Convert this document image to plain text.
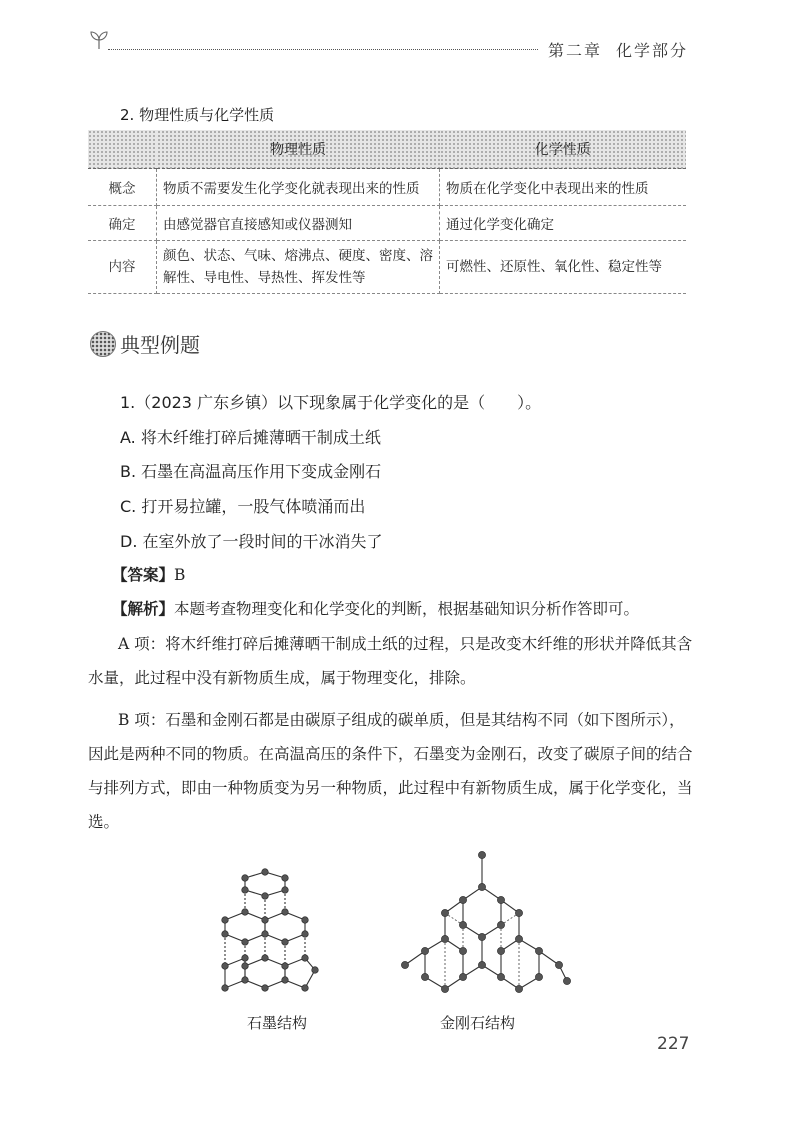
第二章 化学部分
2. 物理性质与化学性质
	物理性质	化学性质
概念	物质不需要发生化学变化就表现出来的性质	物质在化学变化中表现出来的性质
确定	由感觉器官直接感知或仪器测知	通过化学变化确定
内容	颜色、状态、气味、熔沸点、硬度、密度、溶解性、导电性、导热性、挥发性等	可燃性、还原性、氧化性、稳定性等
典型例题
1.（2023 广东乡镇）以下现象属于化学变化的是（　　）。
A. 将木纤维打碎后摊薄晒干制成土纸
B. 石墨在高温高压作用下变成金刚石
C. 打开易拉罐，一股气体喷涌而出
D. 在室外放了一段时间的干冰消失了
【答案】B
【解析】本题考查物理变化和化学变化的判断，根据基础知识分析作答即可。
A 项：将木纤维打碎后摊薄晒干制成土纸的过程，只是改变木纤维的形状并降低其含水量，此过程中没有新物质生成，属于物理变化，排除。
B 项：石墨和金刚石都是由碳原子组成的碳单质，但是其结构不同（如下图所示），因此是两种不同的物质。在高温高压的条件下，石墨变为金刚石，改变了碳原子间的结合与排列方式，即由一种物质变为另一种物质，此过程中有新物质生成，属于化学变化，当选。
石墨结构	金刚石结构
227
